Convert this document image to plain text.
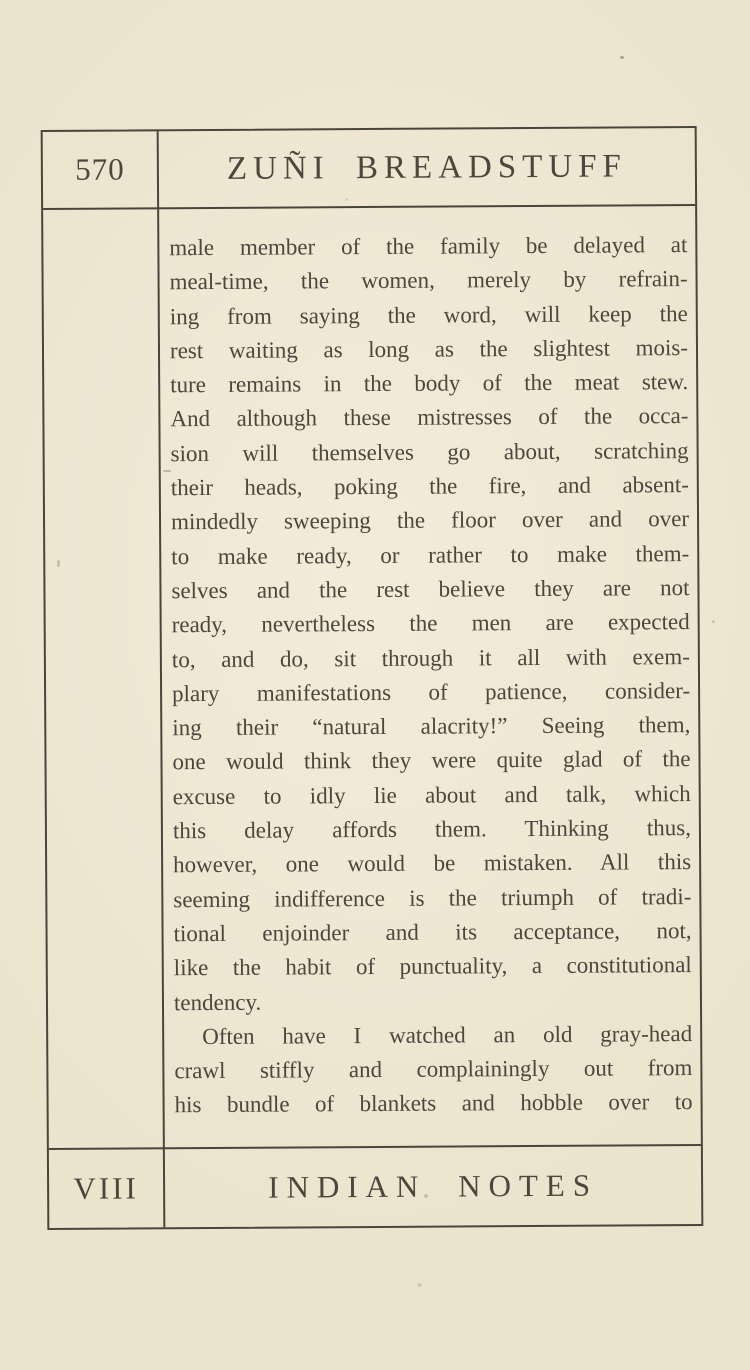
570	ZUÑI BREADSTUFF
male member of the family be delayed at
meal-time, the women, merely by refrain-
ing from saying the word, will keep the
rest waiting as long as the slightest mois-
ture remains in the body of the meat stew.
And although these mistresses of the occa-
sion will themselves go about, scratching
their heads, poking the fire, and absent-
mindedly sweeping the floor over and over
to make ready, or rather to make them-
selves and the rest believe they are not
ready, nevertheless the men are expected
to, and do, sit through it all with exem-
plary manifestations of patience, consider-
ing their “natural alacrity!” Seeing them,
one would think they were quite glad of the
excuse to idly lie about and talk, which
this delay affords them. Thinking thus,
however, one would be mistaken. All this
seeming indifference is the triumph of tradi-
tional enjoinder and its acceptance, not,
like the habit of punctuality, a constitutional
tendency.
Often have I watched an old gray-head
crawl stiffly and complainingly out from
his bundle of blankets and hobble over to
VIII	INDIAN NOTES
